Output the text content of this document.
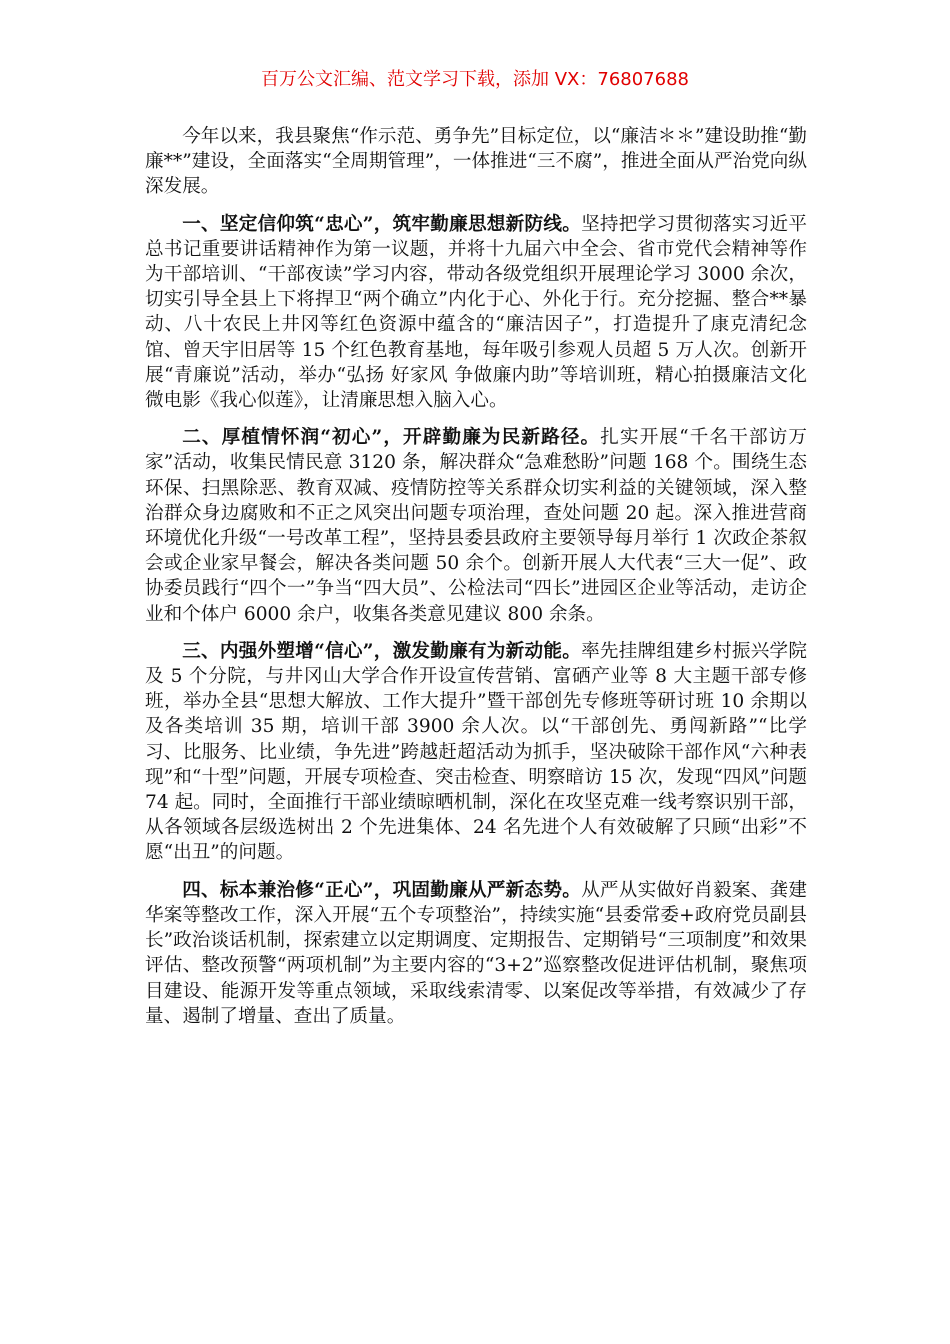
百万公文汇编、范文学习下载，添加 VX：76807688

今年以来，我县聚焦“作示范、勇争先”目标定位，以“廉洁＊＊”建设助推“勤廉**”建设，全面落实“全周期管理”，一体推进“三不腐”，推进全面从严治党向纵深发展。

一、坚定信仰筑“忠心”，筑牢勤廉思想新防线。坚持把学习贯彻落实习近平总书记重要讲话精神作为第一议题，并将十九届六中全会、省市党代会精神等作为干部培训、“干部夜读”学习内容，带动各级党组织开展理论学习 3000 余次，切实引导全县上下将捍卫“两个确立”内化于心、外化于行。充分挖掘、整合**暴动、八十农民上井冈等红色资源中蕴含的“廉洁因子”，打造提升了康克清纪念馆、曾天宇旧居等 15 个红色教育基地，每年吸引参观人员超 5 万人次。创新开展“青廉说”活动，举办“弘扬 好家风 争做廉内助”等培训班，精心拍摄廉洁文化微电影《我心似莲》，让清廉思想入脑入心。

二、厚植情怀润“初心”，开辟勤廉为民新路径。扎实开展“千名干部访万家”活动，收集民情民意 3120 条，解决群众“急难愁盼”问题 168 个。围绕生态环保、扫黑除恶、教育双减、疫情防控等关系群众切实利益的关键领域，深入整治群众身边腐败和不正之风突出问题专项治理，查处问题 20 起。深入推进营商环境优化升级“一号改革工程”，坚持县委县政府主要领导每月举行 1 次政企茶叙会或企业家早餐会，解决各类问题 50 余个。创新开展人大代表“三大一促”、政协委员践行“四个一”争当“四大员”、公检法司“四长”进园区企业等活动，走访企业和个体户 6000 余户，收集各类意见建议 800 余条。

三、内强外塑增“信心”，激发勤廉有为新动能。率先挂牌组建乡村振兴学院及 5 个分院，与井冈山大学合作开设宣传营销、富硒产业等 8 大主题干部专修班，举办全县“思想大解放、工作大提升”暨干部创先专修班等研讨班 10 余期以及各类培训 35 期，培训干部 3900 余人次。以“干部创先、勇闯新路”“比学习、比服务、比业绩，争先进”跨越赶超活动为抓手，坚决破除干部作风“六种表现”和“十型”问题，开展专项检查、突击检查、明察暗访 15 次，发现“四风”问题 74 起。同时，全面推行干部业绩晾晒机制，深化在攻坚克难一线考察识别干部，从各领域各层级选树出 2 个先进集体、24 名先进个人有效破解了只顾“出彩”不愿“出丑”的问题。

四、标本兼治修“正心”，巩固勤廉从严新态势。从严从实做好肖毅案、龚建华案等整改工作，深入开展“五个专项整治”，持续实施“县委常委+政府党员副县长”政治谈话机制，探索建立以定期调度、定期报告、定期销号“三项制度”和效果评估、整改预警“两项机制”为主要内容的“3+2”巡察整改促进评估机制，聚焦项目建设、能源开发等重点领域，采取线索清零、以案促改等举措，有效减少了存量、遏制了增量、查出了质量。
